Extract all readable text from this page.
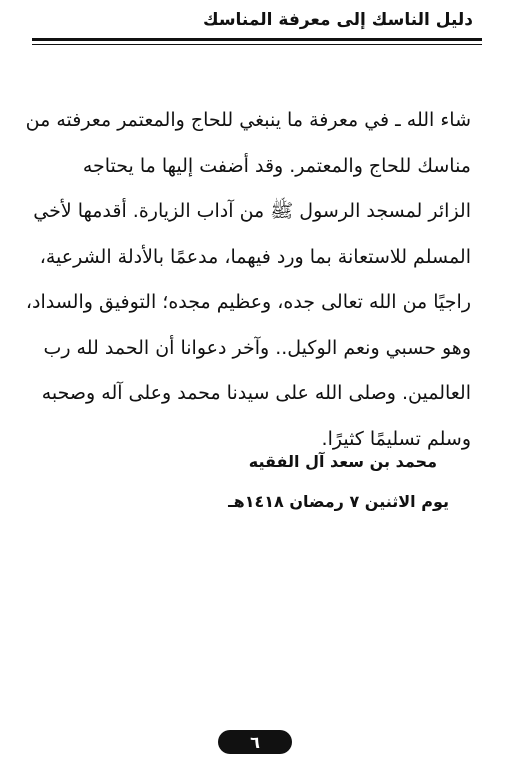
دليل الناسك إلى معرفة المناسك
شاء الله ـ في معرفة ما ينبغي للحاج والمعتمر معرفته من
مناسك للحاج والمعتمر. وقد أضفت إليها ما يحتاجه
الزائر لمسجد الرسول ﷺ من آداب الزيارة. أقدمها لأخي
المسلم للاستعانة بما ورد فيهما، مدعمًا بالأدلة الشرعية،
راجيًا من الله تعالى جده، وعظيم مجده؛ التوفيق والسداد،
وهو حسبي ونعم الوكيل.. وآخر دعوانا أن الحمد لله رب
العالمين. وصلى الله على سيدنا محمد وعلى آله وصحبه
وسلم تسليمًا كثيرًا.
محمد بن سعد آل الفقيه
يوم الاثنين ٧ رمضان ١٤١٨هـ
٦
